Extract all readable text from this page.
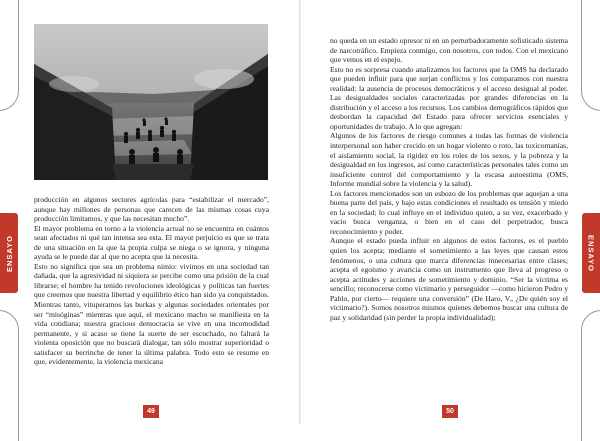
producción en algunos sectores agrícolas para “estabilizar el mercado”, aunque hay millones de personas que carecen de las mismas cosas cuya producción limitamos, y que las necesitan mucho”.

El mayor problema en torno a la violencia actual no se encuentra en cuántos sean afectados ni qué tan intensa sea esta. El mayor perjuicio es que se trata de una situación en la que la propia culpa se niega o se ignora, y ninguna ayuda se le puede dar al que no acepta que la necesita.

Esto no significa que sea un problema nimio: vivimos en una sociedad tan dañada, que la agresividad ni siquiera se percibe como una prisión de la cual librarse; el hombre ha tenido revoluciones ideológicas y políticas tan fuertes que creemos que nuestra libertad y equilibrio ético han sido ya conquistados. Mientras tanto, vituperamos las burkas y algunas sociedades orientales por ser “misóginas” mientras que aquí, el mexicano macho se manifiesta en la vida cotidiana; nuestra gracious democracia se vive en una incomodidad permanente, y si acaso se tiene la suerte de ser escuchado, no faltará la violenta oposición que no buscará dialogar, tan sólo mostrar superioridad o satisfacer su berrinche de tener la última palabra. Todo esto se resume en que, evidentemente, la violencia mexicana

ENSAYO
49

no queda en un estado opresor ni en un perturbadoramente sofisticado sistema de narcotráfico. Empieza conmigo, con nosotros, con todos. Con el mexicano que vemos en el espejo.

Esto no es sorpresa cuando analizamos los factores que la OMS ha declarado que pueden influir para que surjan conflictos y los comparamos con nuestra realidad: la ausencia de procesos democráticos y el acceso desigual al poder. Las desigualdades sociales caracterizadas por grandes diferencias en la distribución y el acceso a los recursos. Los cambios demográficos rápidos que desbordan la capacidad del Estado para ofrecer servicios esenciales y oportunidades de trabajo. A lo que agregan:

Algunos de los factores de riesgo comunes a todas las formas de violencia interpersonal son haber crecido en un hogar violento o roto, las toxicomanías, el aislamiento social, la rigidez en los roles de los sexos, y la pobreza y la desigualdad en los ingresos, así como características personales tales como un insuficiente control del comportamiento y la escasa autoestima (OMS, Informe mundial sobre la violencia y la salud).

Los factores mencionados son un esbozo de los problemas que aquejan a una buena parte del país, y bajo estas condiciones el resultado es tensión y miedo en la sociedad; lo cual influye en el individuo quien, a su vez, exacerbado y vacío busca venganza, o bien en el caso del perpetrador, busca reconocimiento y poder.

Aunque el estado pueda influir en algunos de estos factores, es el pueblo quien los acepta; mediante el sometimiento a las leyes que causan estos fenómenos, o una cultura que marca diferencias innecesarias entre clases; acepta el egoísmo y avaricia como un instrumento que lleva al progreso o acepta actitudes y acciones de sometimiento y dominio. “Ser la víctima es sencillo; reconocerse como victimario y perseguidor —como hicieron Pedro y Pablo, por cierto— requiere una conversión” (De Haro, V., ¿De quién soy el victimario?). Somos nosotros mismos quienes debemos buscar una cultura de paz y solidaridad (sin perder la propia individualidad);

ENSAYO
50
